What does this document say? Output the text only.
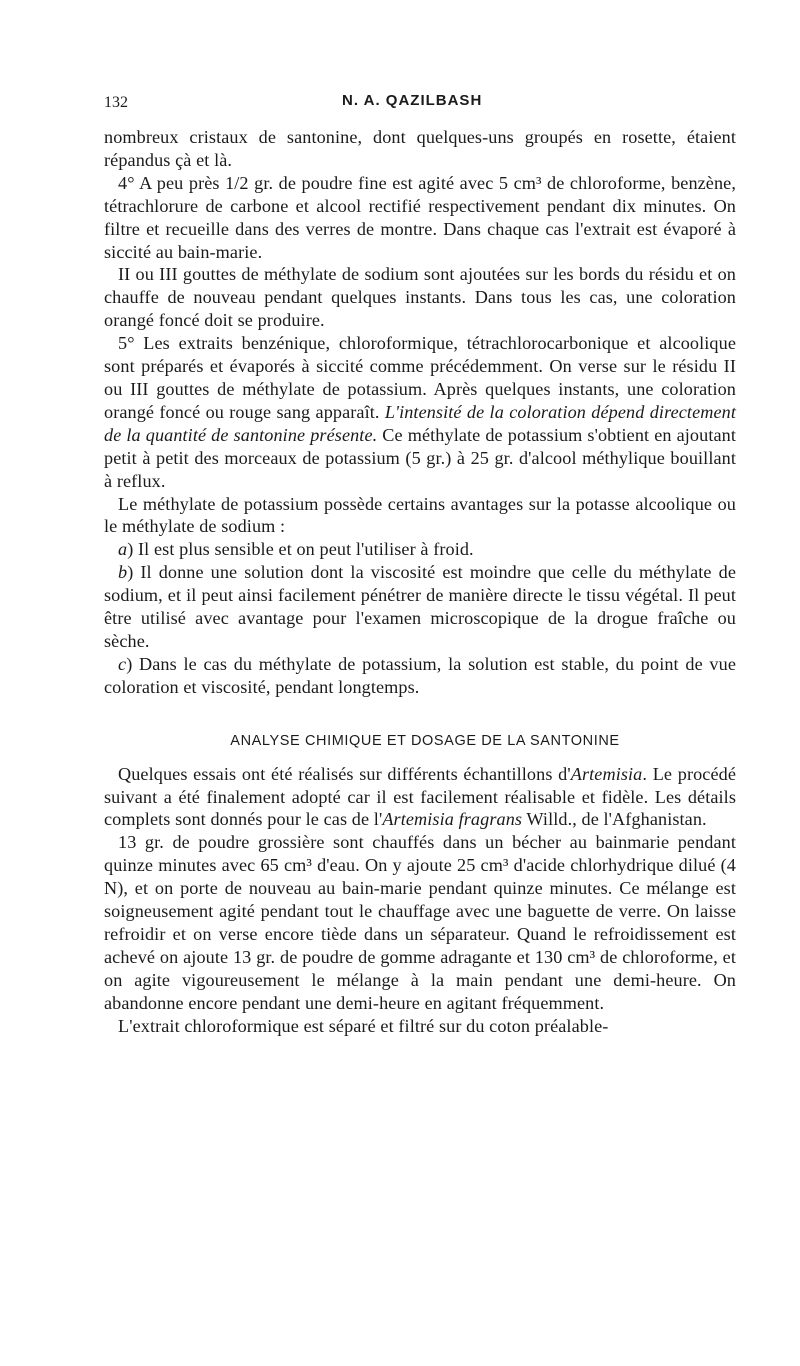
132	N. A. QAZILBASH

nombreux cristaux de santonine, dont quelques-uns groupés en rosette, étaient répandus çà et là.

4° A peu près 1/2 gr. de poudre fine est agité avec 5 cm³ de chloroforme, benzène, tétrachlorure de carbone et alcool rectifié respectivement pendant dix minutes. On filtre et recueille dans des verres de montre. Dans chaque cas l'extrait est évaporé à siccité au bain-marie.

II ou III gouttes de méthylate de sodium sont ajoutées sur les bords du résidu et on chauffe de nouveau pendant quelques instants. Dans tous les cas, une coloration orangé foncé doit se produire.

5° Les extraits benzénique, chloroformique, tétrachlorocarbonique et alcoolique sont préparés et évaporés à siccité comme précédemment. On verse sur le résidu II ou III gouttes de méthylate de potassium. Après quelques instants, une coloration orangé foncé ou rouge sang apparaît. L'intensité de la coloration dépend directement de la quantité de santonine présente. Ce méthylate de potassium s'obtient en ajoutant petit à petit des morceaux de potassium (5 gr.) à 25 gr. d'alcool méthylique bouillant à reflux.

Le méthylate de potassium possède certains avantages sur la potasse alcoolique ou le méthylate de sodium :

a) Il est plus sensible et on peut l'utiliser à froid.

b) Il donne une solution dont la viscosité est moindre que celle du méthylate de sodium, et il peut ainsi facilement pénétrer de manière directe le tissu végétal. Il peut être utilisé avec avantage pour l'examen microscopique de la drogue fraîche ou sèche.

c) Dans le cas du méthylate de potassium, la solution est stable, du point de vue coloration et viscosité, pendant longtemps.

ANALYSE CHIMIQUE ET DOSAGE DE LA SANTONINE

Quelques essais ont été réalisés sur différents échantillons d'Artemisia. Le procédé suivant a été finalement adopté car il est facilement réalisable et fidèle. Les détails complets sont donnés pour le cas de l'Artemisia fragrans Willd., de l'Afghanistan.

13 gr. de poudre grossière sont chauffés dans un bécher au bainmarie pendant quinze minutes avec 65 cm³ d'eau. On y ajoute 25 cm³ d'acide chlorhydrique dilué (4 N), et on porte de nouveau au bain-marie pendant quinze minutes. Ce mélange est soigneusement agité pendant tout le chauffage avec une baguette de verre. On laisse refroidir et on verse encore tiède dans un séparateur. Quand le refroidissement est achevé on ajoute 13 gr. de poudre de gomme adragante et 130 cm³ de chloroforme, et on agite vigoureusement le mélange à la main pendant une demi-heure. On abandonne encore pendant une demi-heure en agitant fréquemment.

L'extrait chloroformique est séparé et filtré sur du coton préalable-
